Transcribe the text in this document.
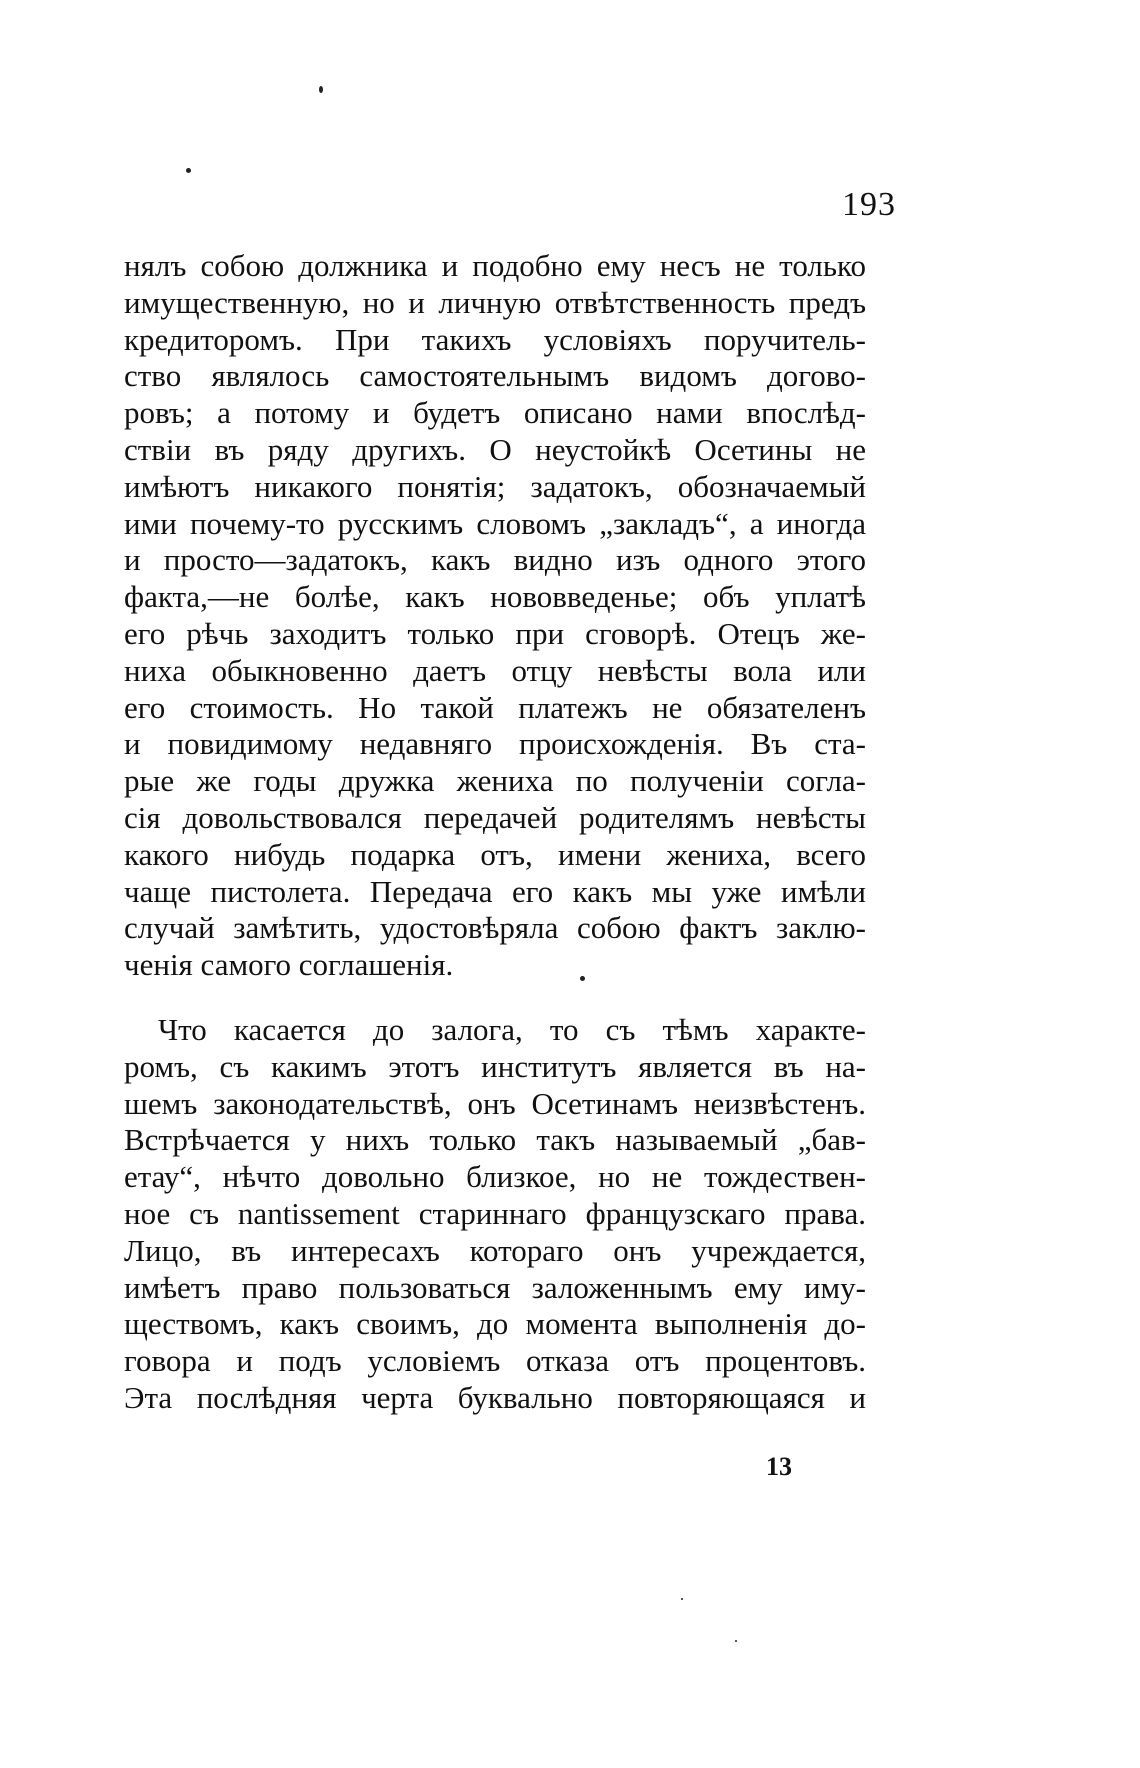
193
нялъ собою должника и подобно ему несъ не только
имущественную, но и личную отвѣтственность предъ
кредиторомъ. При такихъ условіяхъ поручитель-
ство являлось самостоятельнымъ видомъ догово-
ровъ; а потому и будетъ описано нами впослѣд-
ствіи въ ряду другихъ. О неустойкѣ Осетины не
имѣютъ никакого понятія; задатокъ, обозначаемый
ими почему-то русскимъ словомъ „закладъ“, а иногда
и просто—задатокъ, какъ видно изъ одного этого
факта,—не болѣе, какъ нововведенье; объ уплатѣ
его рѣчь заходитъ только при сговорѣ. Отецъ же-
ниха обыкновенно даетъ отцу невѣсты вола или
его стоимость. Но такой платежъ не обязателенъ
и повидимому недавняго происхожденія. Въ ста-
рые же годы дружка жениха по полученіи согла-
сія довольствовался передачей родителямъ невѣсты
какого нибудь подарка отъ, имени жениха, всего
чаще пистолета. Передача его какъ мы уже имѣли
случай замѣтить, удостовѣряла собою фактъ заклю-
ченія самого соглашенія.
Что касается до залога, то съ тѣмъ характе-
ромъ, съ какимъ этотъ институтъ является въ на-
шемъ законодательствѣ, онъ Осетинамъ неизвѣстенъ.
Встрѣчается у нихъ только такъ называемый „бав-
етау“, нѣчто довольно близкое, но не тождествен-
ное съ nantissement стариннаго французскаго права.
Лицо, въ интересахъ котораго онъ учреждается,
имѣетъ право пользоваться заложеннымъ ему иму-
ществомъ, какъ своимъ, до момента выполненія до-
говора и подъ условіемъ отказа отъ процентовъ.
Эта послѣдняя черта буквально повторяющаяся и
13
